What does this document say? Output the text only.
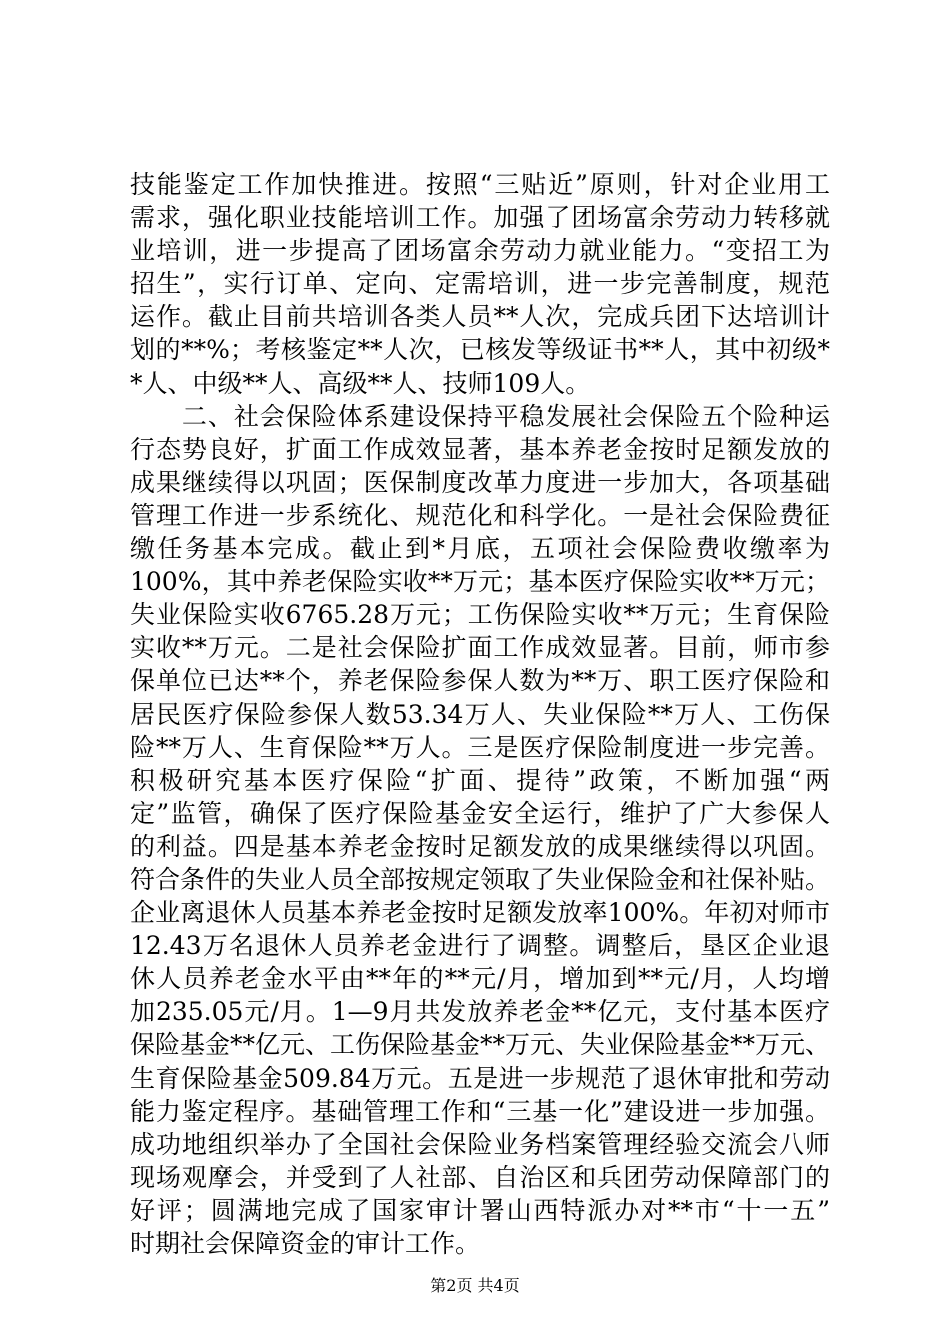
技能鉴定工作加快推进。按照“三贴近”原则，针对企业用工
需求，强化职业技能培训工作。加强了团场富余劳动力转移就
业培训，进一步提高了团场富余劳动力就业能力。“变招工为
招生”，实行订单、定向、定需培训，进一步完善制度，规范
运作。截止目前共培训各类人员**人次，完成兵团下达培训计
划的**%；考核鉴定**人次，已核发等级证书**人，其中初级*
*人、中级**人、高级**人、技师109人。
　　二、社会保险体系建设保持平稳发展社会保险五个险种运
行态势良好，扩面工作成效显著，基本养老金按时足额发放的
成果继续得以巩固；医保制度改革力度进一步加大，各项基础
管理工作进一步系统化、规范化和科学化。一是社会保险费征
缴任务基本完成。截止到*月底，五项社会保险费收缴率为
100%，其中养老保险实收**万元；基本医疗保险实收**万元；
失业保险实收6765.28万元；工伤保险实收**万元；生育保险
实收**万元。二是社会保险扩面工作成效显著。目前，师市参
保单位已达**个，养老保险参保人数为**万、职工医疗保险和
居民医疗保险参保人数53.34万人、失业保险**万人、工伤保
险**万人、生育保险**万人。三是医疗保险制度进一步完善。
积极研究基本医疗保险“扩面、提待”政策，不断加强“两
定”监管，确保了医疗保险基金安全运行，维护了广大参保人
的利益。四是基本养老金按时足额发放的成果继续得以巩固。
符合条件的失业人员全部按规定领取了失业保险金和社保补贴。
企业离退休人员基本养老金按时足额发放率100%。年初对师市
12.43万名退休人员养老金进行了调整。调整后，垦区企业退
休人员养老金水平由**年的**元/月，增加到**元/月，人均增
加235.05元/月。1—9月共发放养老金**亿元，支付基本医疗
保险基金**亿元、工伤保险基金**万元、失业保险基金**万元、
生育保险基金509.84万元。五是进一步规范了退休审批和劳动
能力鉴定程序。基础管理工作和“三基一化”建设进一步加强。
成功地组织举办了全国社会保险业务档案管理经验交流会八师
现场观摩会，并受到了人社部、自治区和兵团劳动保障部门的
好评；圆满地完成了国家审计署山西特派办对**市“十一五”
时期社会保障资金的审计工作。
第2页 共4页
